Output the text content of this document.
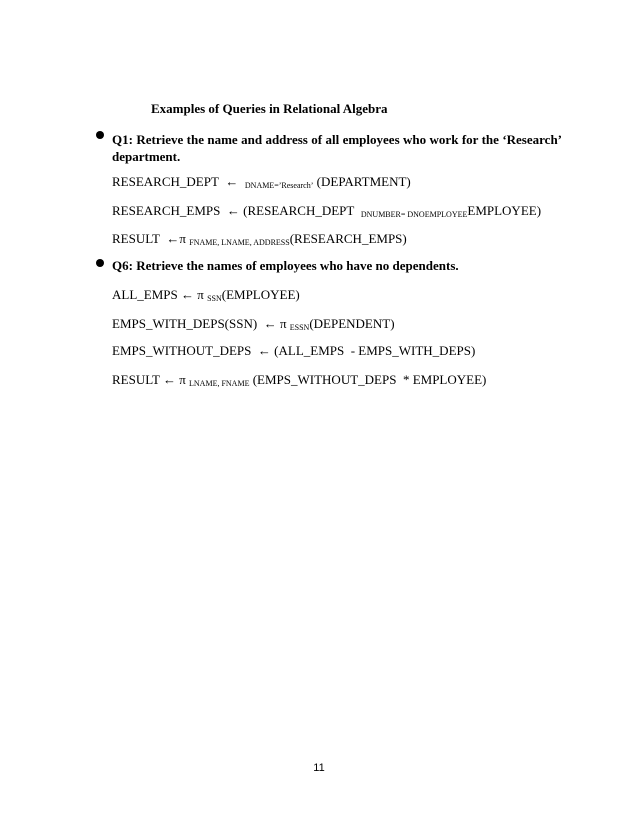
Examples of Queries in Relational Algebra
Q1: Retrieve the name and address of all employees who work for the ‘Research’
department.
RESEARCH_DEPT ← $_{DNAME=’Research’}$ (DEPARTMENT)
RESEARCH_EMPS ← (RESEARCH_DEPT $_{DNUMBER= DNOEMPLOYEE}$EMPLOYEE)
RESULT ←π $_{FNAME, LNAME, ADDRESS}$(RESEARCH_EMPS)
Q6: Retrieve the names of employees who have no dependents.
ALL_EMPS ← π $_{SSN}$(EMPLOYEE)
EMPS_WITH_DEPS(SSN) ← π $_{ESSN}$(DEPENDENT)
EMPS_WITHOUT_DEPS ← (ALL_EMPS  - EMPS_WITH_DEPS)
RESULT ← π $_{LNAME, FNAME}$ (EMPS_WITHOUT_DEPS  * EMPLOYEE)
11
